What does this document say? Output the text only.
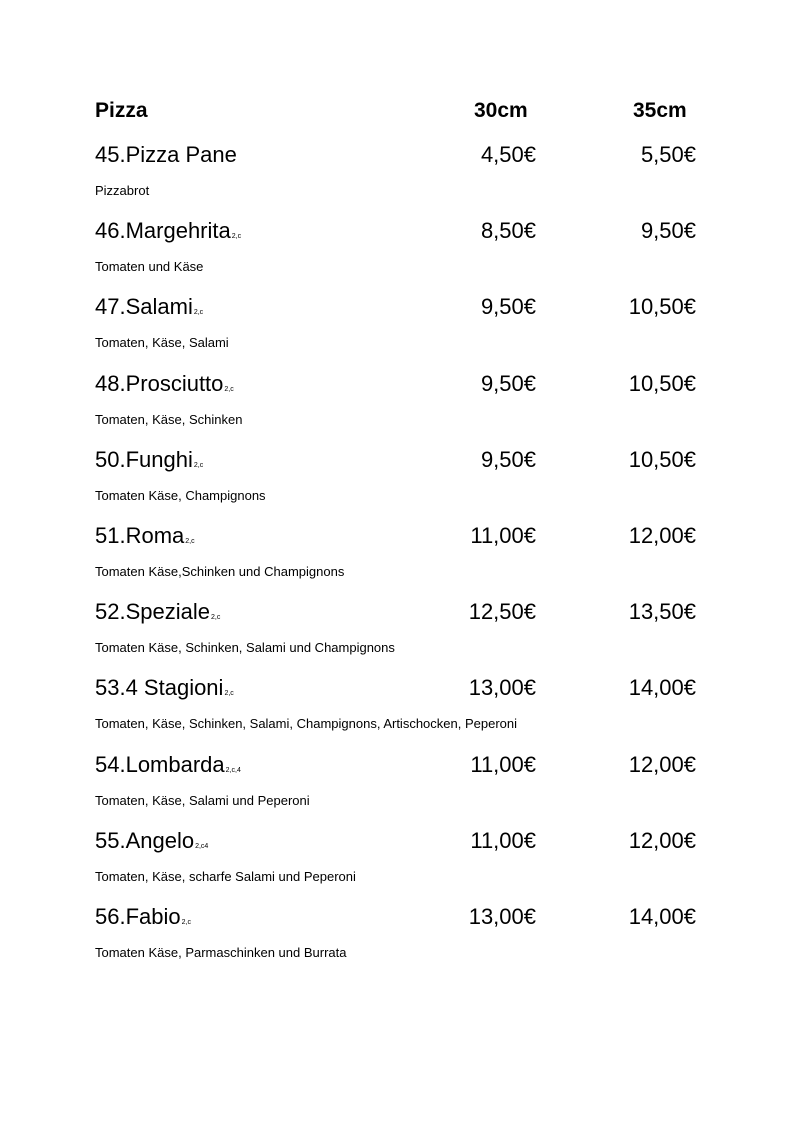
Pizza	30cm	35cm
45.Pizza Pane	4,50€	5,50€
Pizzabrot
46.Margehrita2,c	8,50€	9,50€
Tomaten und Käse
47.Salami2,c	9,50€	10,50€
Tomaten, Käse, Salami
48.Prosciutto2,c	9,50€	10,50€
Tomaten, Käse, Schinken
50.Funghi2,c	9,50€	10,50€
Tomaten Käse, Champignons
51.Roma2,c	11,00€	12,00€
Tomaten Käse,Schinken und Champignons
52.Speziale2,c	12,50€	13,50€
Tomaten Käse, Schinken, Salami und Champignons
53.4 Stagioni2,c	13,00€	14,00€
Tomaten, Käse, Schinken, Salami, Champignons, Artischocken, Peperoni
54.Lombarda2,c,4	11,00€	12,00€
Tomaten, Käse, Salami und Peperoni
55.Angelo2,c4	11,00€	12,00€
Tomaten, Käse, scharfe Salami und Peperoni
56.Fabio2,c	13,00€	14,00€
Tomaten Käse, Parmaschinken und Burrata
